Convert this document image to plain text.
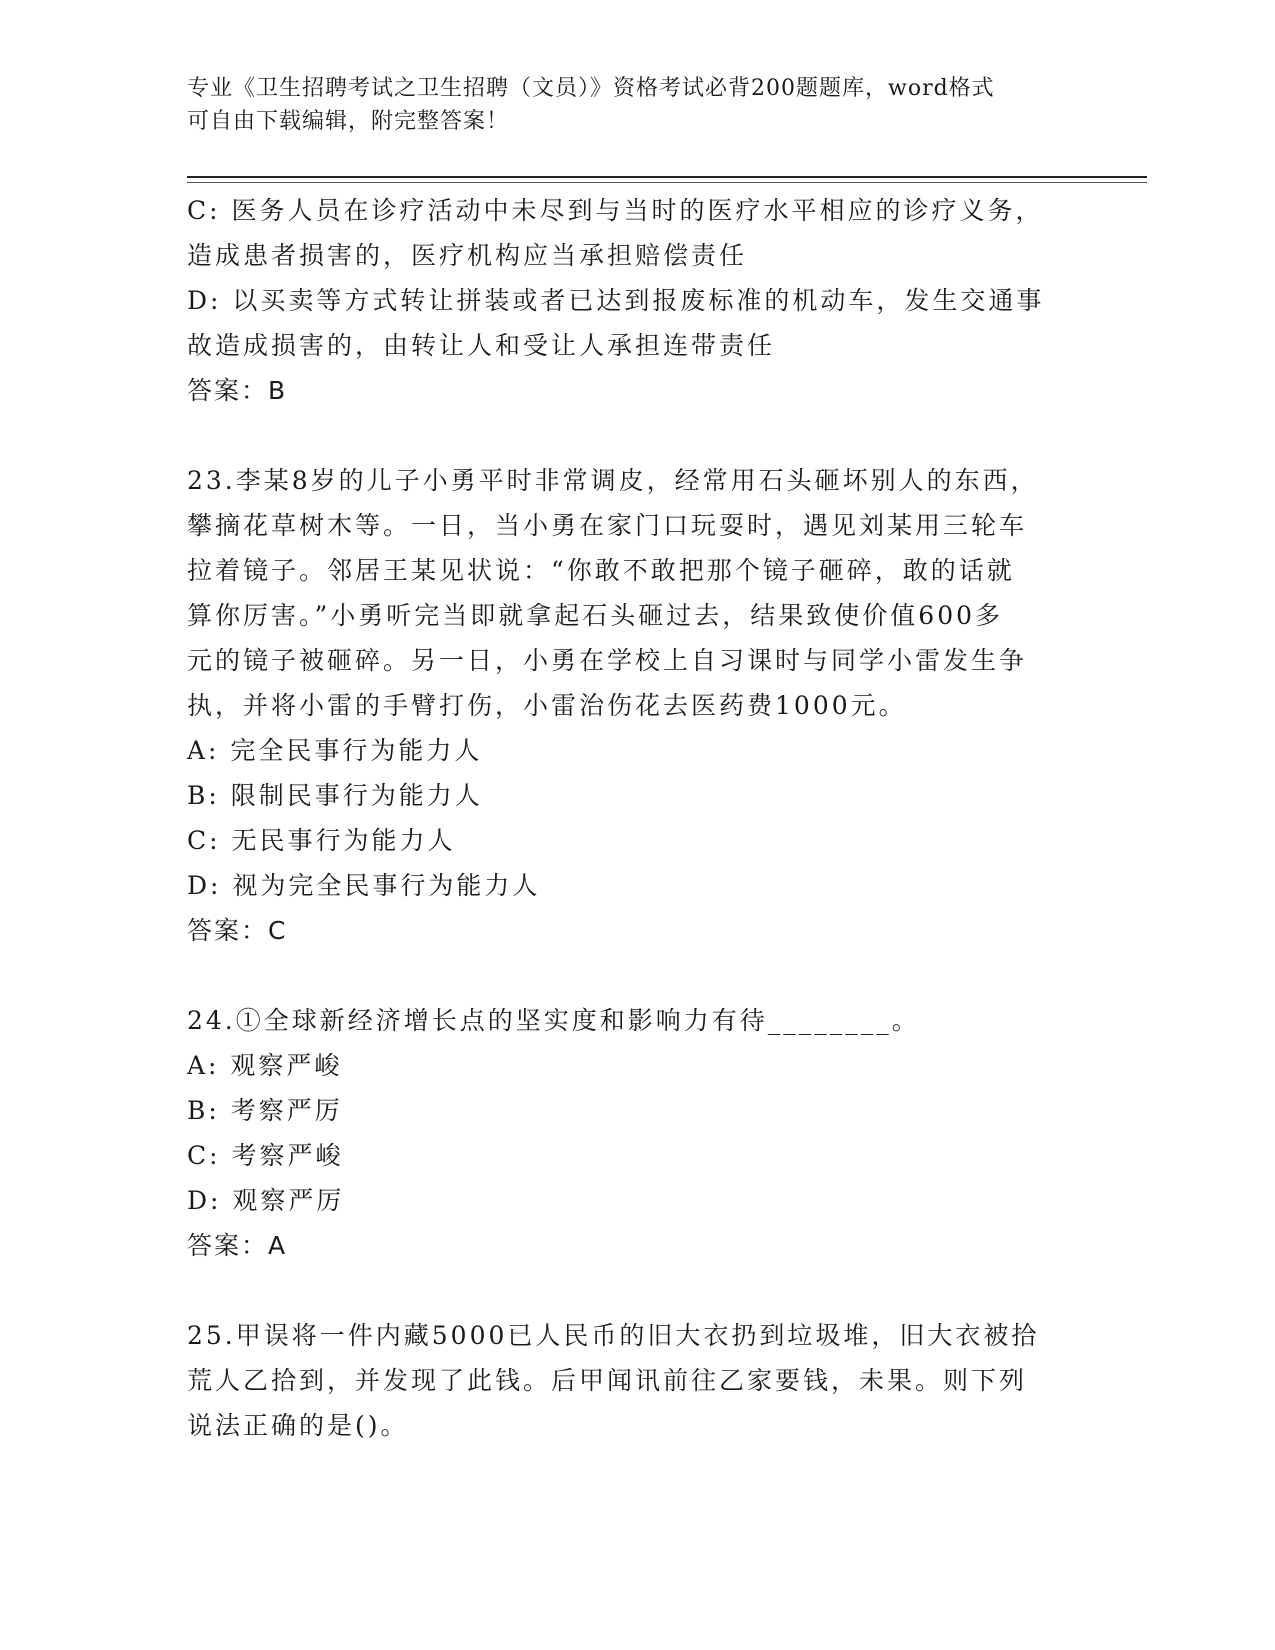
专业《卫生招聘考试之卫生招聘（文员）》资格考试必背200题题库，word格式
可自由下载编辑，附完整答案！
C: 医务人员在诊疗活动中未尽到与当时的医疗水平相应的诊疗义务，
造成患者损害的，医疗机构应当承担赔偿责任
D: 以买卖等方式转让拼装或者已达到报废标准的机动车，发生交通事
故造成损害的，由转让人和受让人承担连带责任
答案：B
23.李某8岁的儿子小勇平时非常调皮，经常用石头砸坏别人的东西，
攀摘花草树木等。一日，当小勇在家门口玩耍时，遇见刘某用三轮车
拉着镜子。邻居王某见状说：“你敢不敢把那个镜子砸碎，敢的话就
算你厉害。”小勇听完当即就拿起石头砸过去，结果致使价值600多
元的镜子被砸碎。另一日，小勇在学校上自习课时与同学小雷发生争
执，并将小雷的手臂打伤，小雷治伤花去医药费1000元。
A: 完全民事行为能力人
B: 限制民事行为能力人
C: 无民事行为能力人
D: 视为完全民事行为能力人
答案：C
24.①全球新经济增长点的坚实度和影响力有待________。
A: 观察严峻
B: 考察严厉
C: 考察严峻
D: 观察严厉
答案：A
25.甲误将一件内藏5000已人民币的旧大衣扔到垃圾堆，旧大衣被拾
荒人乙拾到，并发现了此钱。后甲闻讯前往乙家要钱，未果。则下列
说法正确的是()。
